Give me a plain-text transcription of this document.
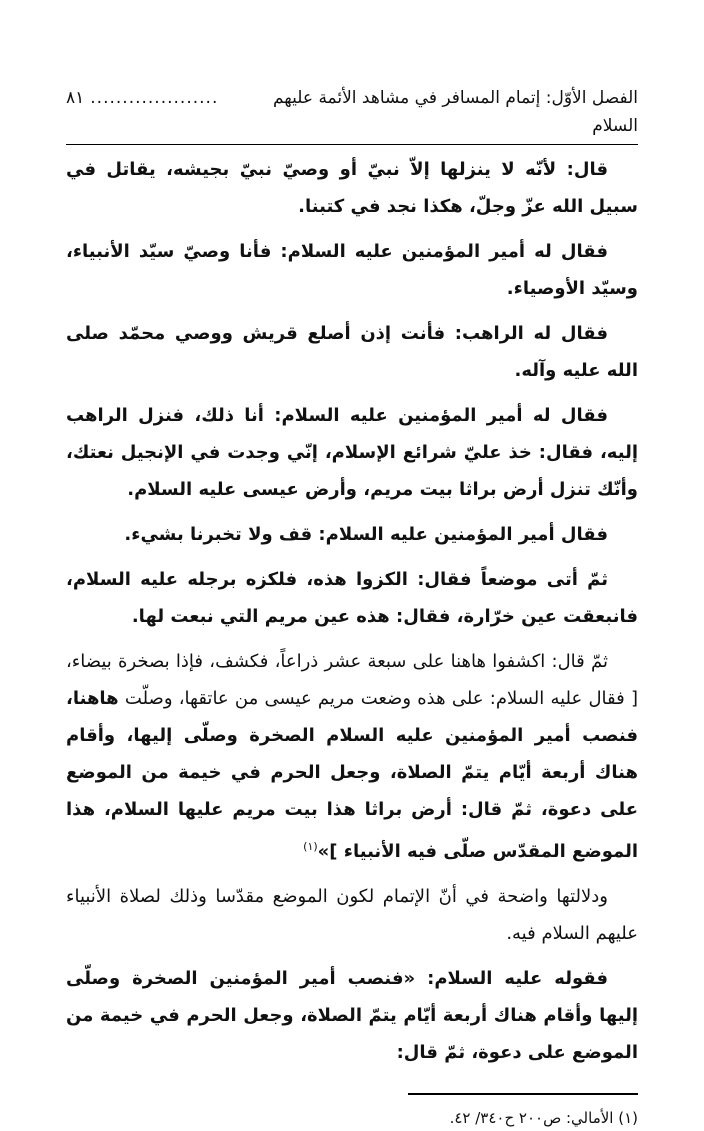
الفصل الأوّل: إتمام المسافر في مشاهد الأئمة عليهم السلام
....................
٨١

قال: لأنّه لا ينزلها إلاّ نبيّ أو وصيّ نبيّ بجيشه، يقاتل في سبيل الله عزّ وجلّ، هكذا نجد في كتبنا.

فقال له أمير المؤمنين عليه السلام: فأنا وصيّ سيّد الأنبياء، وسيّد الأوصياء.

فقال له الراهب: فأنت إذن أصلع قريش ووصي محمّد صلى الله عليه وآله.

فقال له أمير المؤمنين عليه السلام: أنا ذلك، فنزل الراهب إليه، فقال: خذ عليّ شرائع الإسلام، إنّي وجدت في الإنجيل نعتك، وأنّك تنزل أرض براثا بيت مريم، وأرض عيسى عليه السلام.

فقال أمير المؤمنين عليه السلام: قف ولا تخبرنا بشيء.

ثمّ أتى موضعاً فقال: الكزوا هذه، فلكزه برجله عليه السلام، فانبعقت عين خرّارة، فقال: هذه عين مريم التي نبعت لها.

ثمّ قال: اكشفوا هاهنا على سبعة عشر ذراعاً، فكشف، فإذا بصخرة بيضاء، [ فقال عليه السلام: على هذه وضعت مريم عيسى من عاتقها، وصلّت هاهنا، فنصب أمير المؤمنين عليه السلام الصخرة وصلّى إليها، وأقام هناك أربعة أيّام يتمّ الصلاة، وجعل الحرم في خيمة من الموضع على دعوة، ثمّ قال: أرض براثا هذا بيت مريم عليها السلام، هذا الموضع المقدّس صلّى فيه الأنبياء ]»$^{(١)}$

ودلالتها واضحة في أنّ الإتمام لكون الموضع مقدّسا وذلك لصلاة الأنبياء عليهم السلام فيه.

فقوله عليه السلام: «فنصب أمير المؤمنين الصخرة وصلّى إليها وأقام هناك أربعة أيّام يتمّ الصلاة، وجعل الحرم في خيمة من الموضع على دعوة، ثمّ قال:

(١) الأمالي: ص٢٠٠ ح٣٤٠/ ٤٢.
